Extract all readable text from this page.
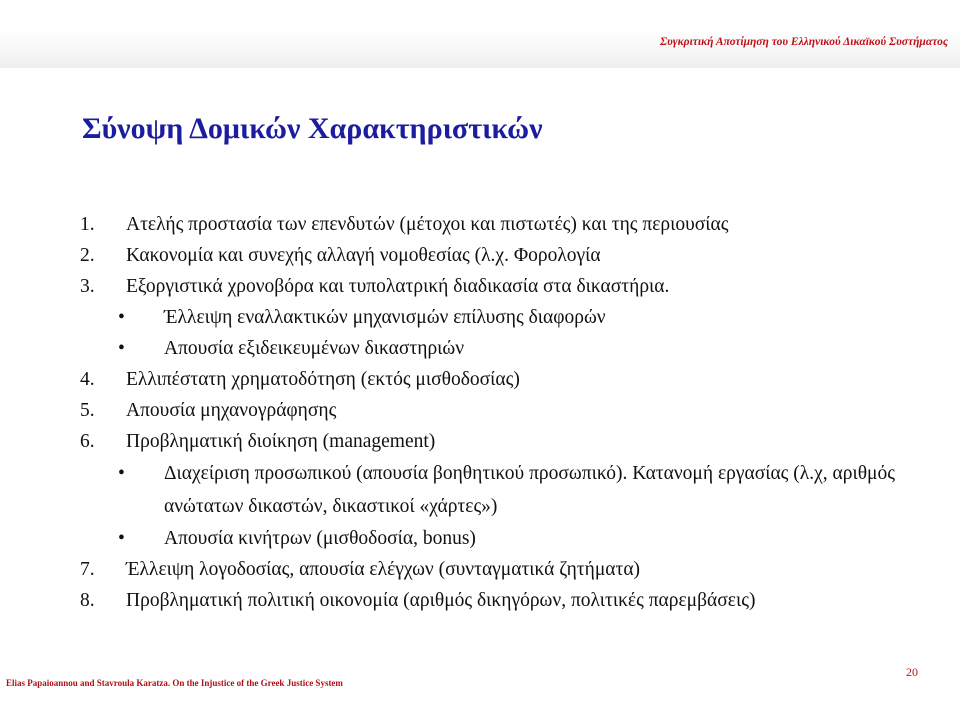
Συγκριτική Αποτίμηση του Ελληνικού Δικαϊκού Συστήματος
Σύνοψη Δομικών Χαρακτηριστικών
1.	Ατελής προστασία των επενδυτών (μέτοχοι και πιστωτές) και της περιουσίας
2.	Κακονομία και συνεχής αλλαγή νομοθεσίας (λ.χ. Φορολογία
3.	Εξοργιστικά χρονοβόρα και τυπολατρική διαδικασία στα δικαστήρια.
•	Έλλειψη εναλλακτικών μηχανισμών επίλυσης διαφορών
•	Απουσία εξιδεικευμένων δικαστηριών
4.	Ελλιπέστατη χρηματοδότηση (εκτός μισθοδοσίας)
5.	Απουσία μηχανογράφησης
6.	Προβληματική διοίκηση (management)
•	Διαχείριση προσωπικού (απουσία βοηθητικού προσωπικό). Κατανομή εργασίας (λ.χ, αριθμός ανώτατων δικαστών, δικαστικοί «χάρτες»)
•	Απουσία κινήτρων (μισθοδοσία, bonus)
7.	Έλλειψη λογοδοσίας, απουσία ελέγχων (συνταγματικά ζητήματα)
8.	Προβληματική πολιτική οικονομία (αριθμός δικηγόρων, πολιτικές παρεμβάσεις)
20
Elias Papaioannou and Stavroula Karatza. On the Injustice of the Greek Justice System
